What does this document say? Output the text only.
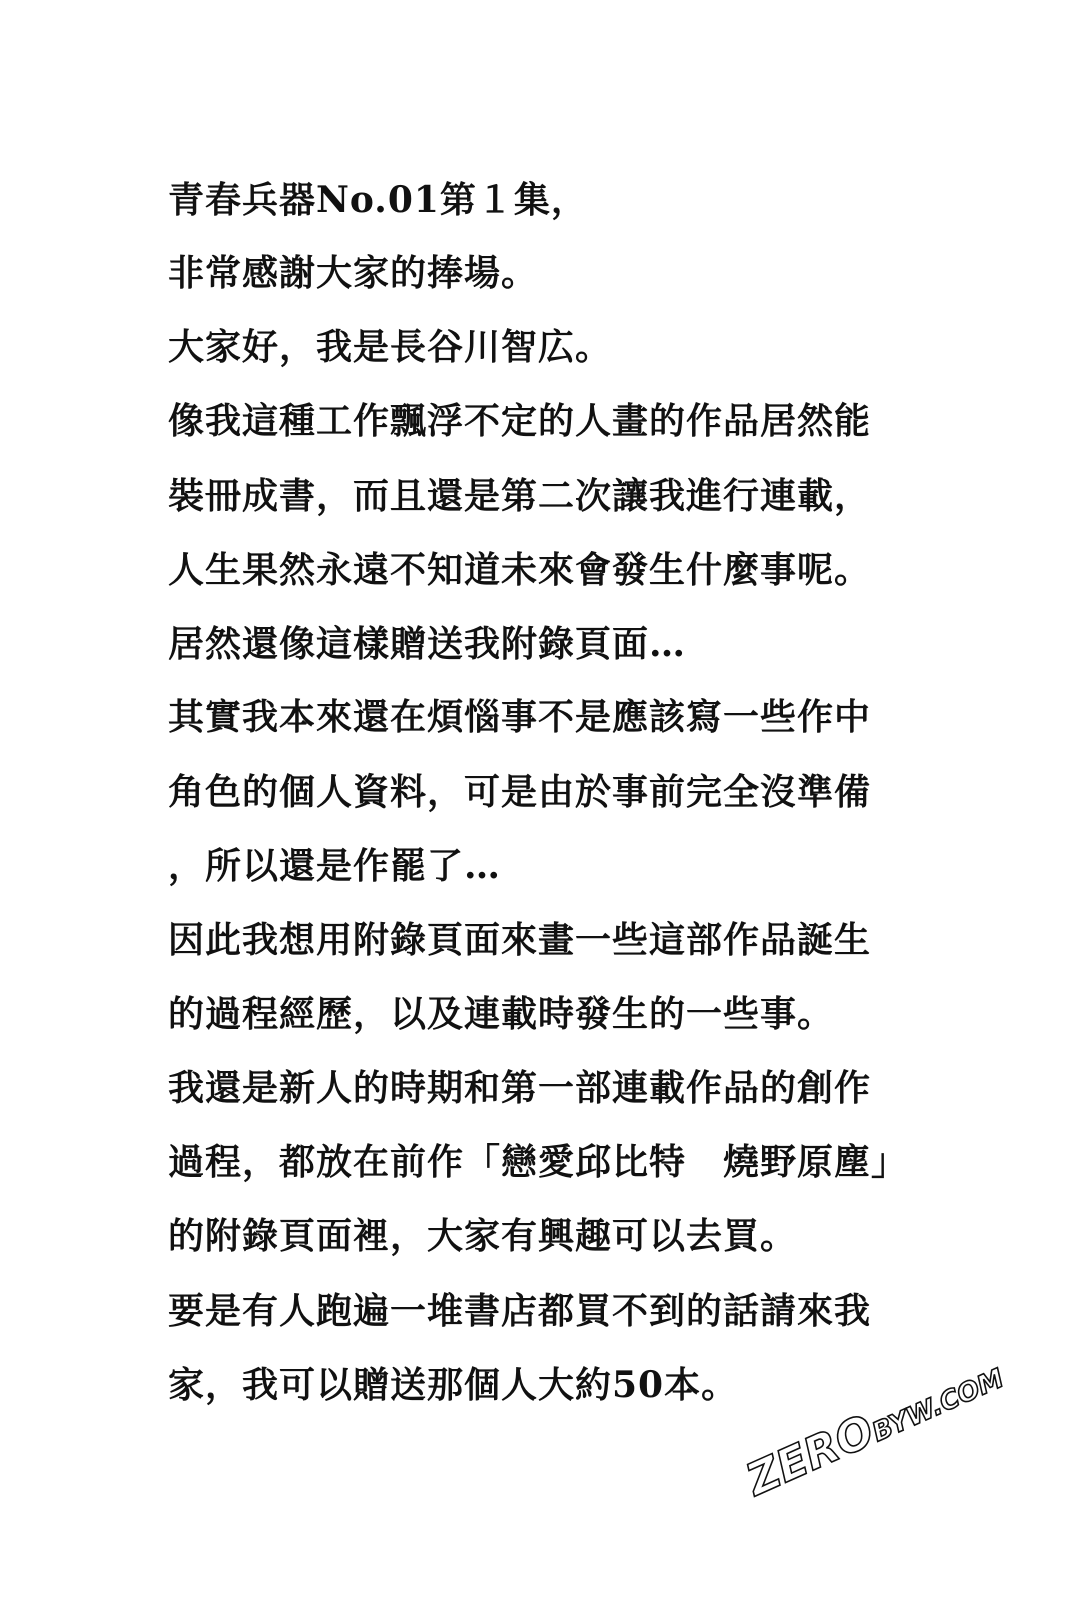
青春兵器No.01第１集，
非常感謝大家的捧場。
大家好，我是長谷川智広。
像我這種工作飄浮不定的人畫的作品居然能
裝冊成書，而且還是第二次讓我進行連載，
人生果然永遠不知道未來會發生什麼事呢。
居然還像這樣贈送我附錄頁面…
其實我本來還在煩惱事不是應該寫一些作中
角色的個人資料，可是由於事前完全沒準備
，所以還是作罷了…
因此我想用附錄頁面來畫一些這部作品誕生
的過程經歷，以及連載時發生的一些事。
我還是新人的時期和第一部連載作品的創作
過程，都放在前作「戀愛邱比特　燒野原塵」
的附錄頁面裡，大家有興趣可以去買。
要是有人跑遍一堆書店都買不到的話請來我
家，我可以贈送那個人大約50本。
ZEROBYW.COM
